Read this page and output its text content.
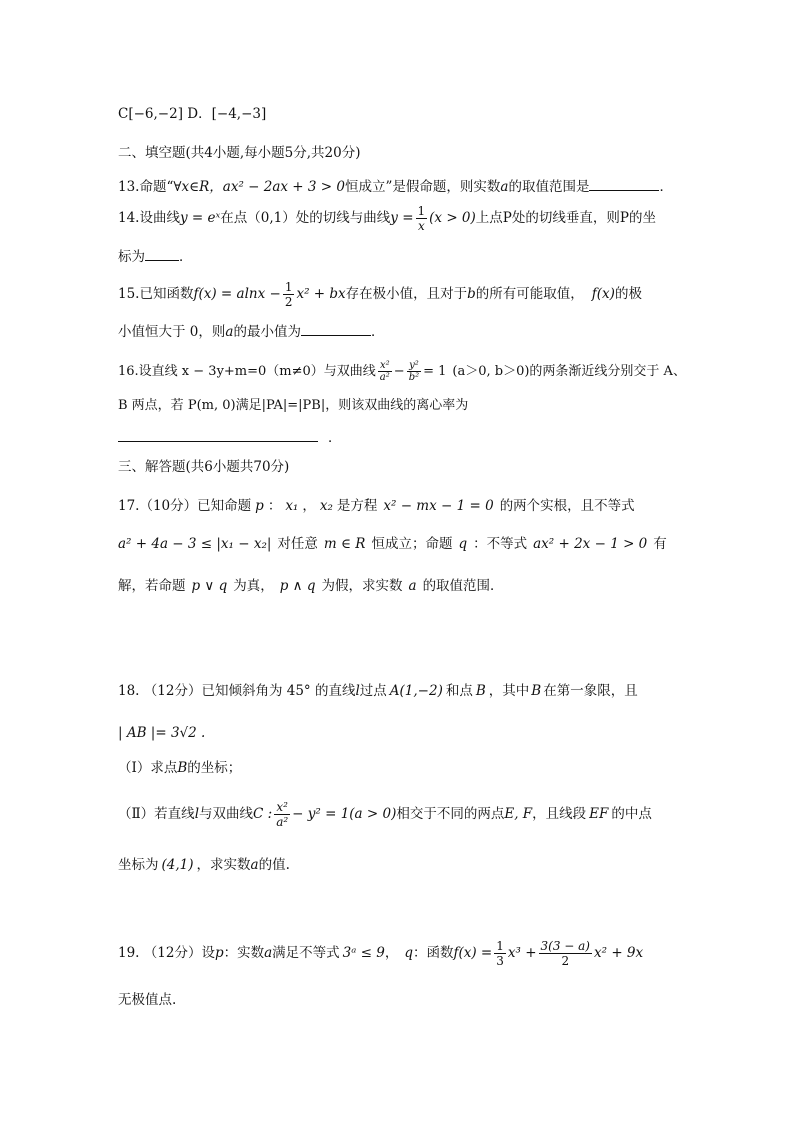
C[−6,−2] D．[−4,−3]
二、填空题(共4小题,每小题5分,共20分)
13.命题“∀x∈R，ax² − 2ax + 3 > 0恒成立”是假命题，则实数a的取值范围是	．
14.设曲线y = eˣ在点（0,1）处的切线与曲线$y = \frac{1}{x} (x > 0)$上点P处的切线垂直，则P的坐
标为	．
15.已知函数$f(x) = alnx - \frac{1}{2} x^2$ + bx存在极小值，且对于b的所有可能取值， f(x)的极
小值恒大于 0，则a的最小值为	．
16.设直线 x − 3y+m=0（m≠0）与双曲线 $\frac{\text{x²}}{\text{a²}} - \frac{\text{y²}}{\text{b²}} = 1$ (a＞0, b＞0)的两条渐近线分别交于 A、
B 两点，若 P(m, 0)满足|PA|=|PB|，则该双曲线的离心率为
．
三、解答题(共6小题共70分)
17.（10分）已知命题 p ： x₁ ， x₂ 是方程 x² − mx − 1 = 0 的两个实根，且不等式
a² + 4a − 3 ≤ |x₁ − x₂| 对任意 m ∈ R 恒成立；命题 q ：不等式 ax² + 2x − 1 > 0 有
解，若命题 p ∨ q 为真， p ∧ q 为假，求实数 a 的取值范围．
18. （12分）已知倾斜角为 45° 的直线l过点 A(1,−2) 和点 B ，其中 B 在第一象限，且
| AB |= 3√2 .
（Ⅰ）求点B的坐标；
（Ⅱ）若直线l与双曲线C : $\frac{\text{x²}}{\text{a²}} - y^2 = 1(a > 0)$相交于不同的两点E, F，且线段 EF 的中点
坐标为 (4,1) ，求实数a的值.
19. （12分）设p：实数a满足不等式 3ᵃ ≤ 9， q：函数$f(x) = \frac{1}{3} x^3 + \frac{3(3 - a)}{2} x^2 + 9x$
无极值点.
